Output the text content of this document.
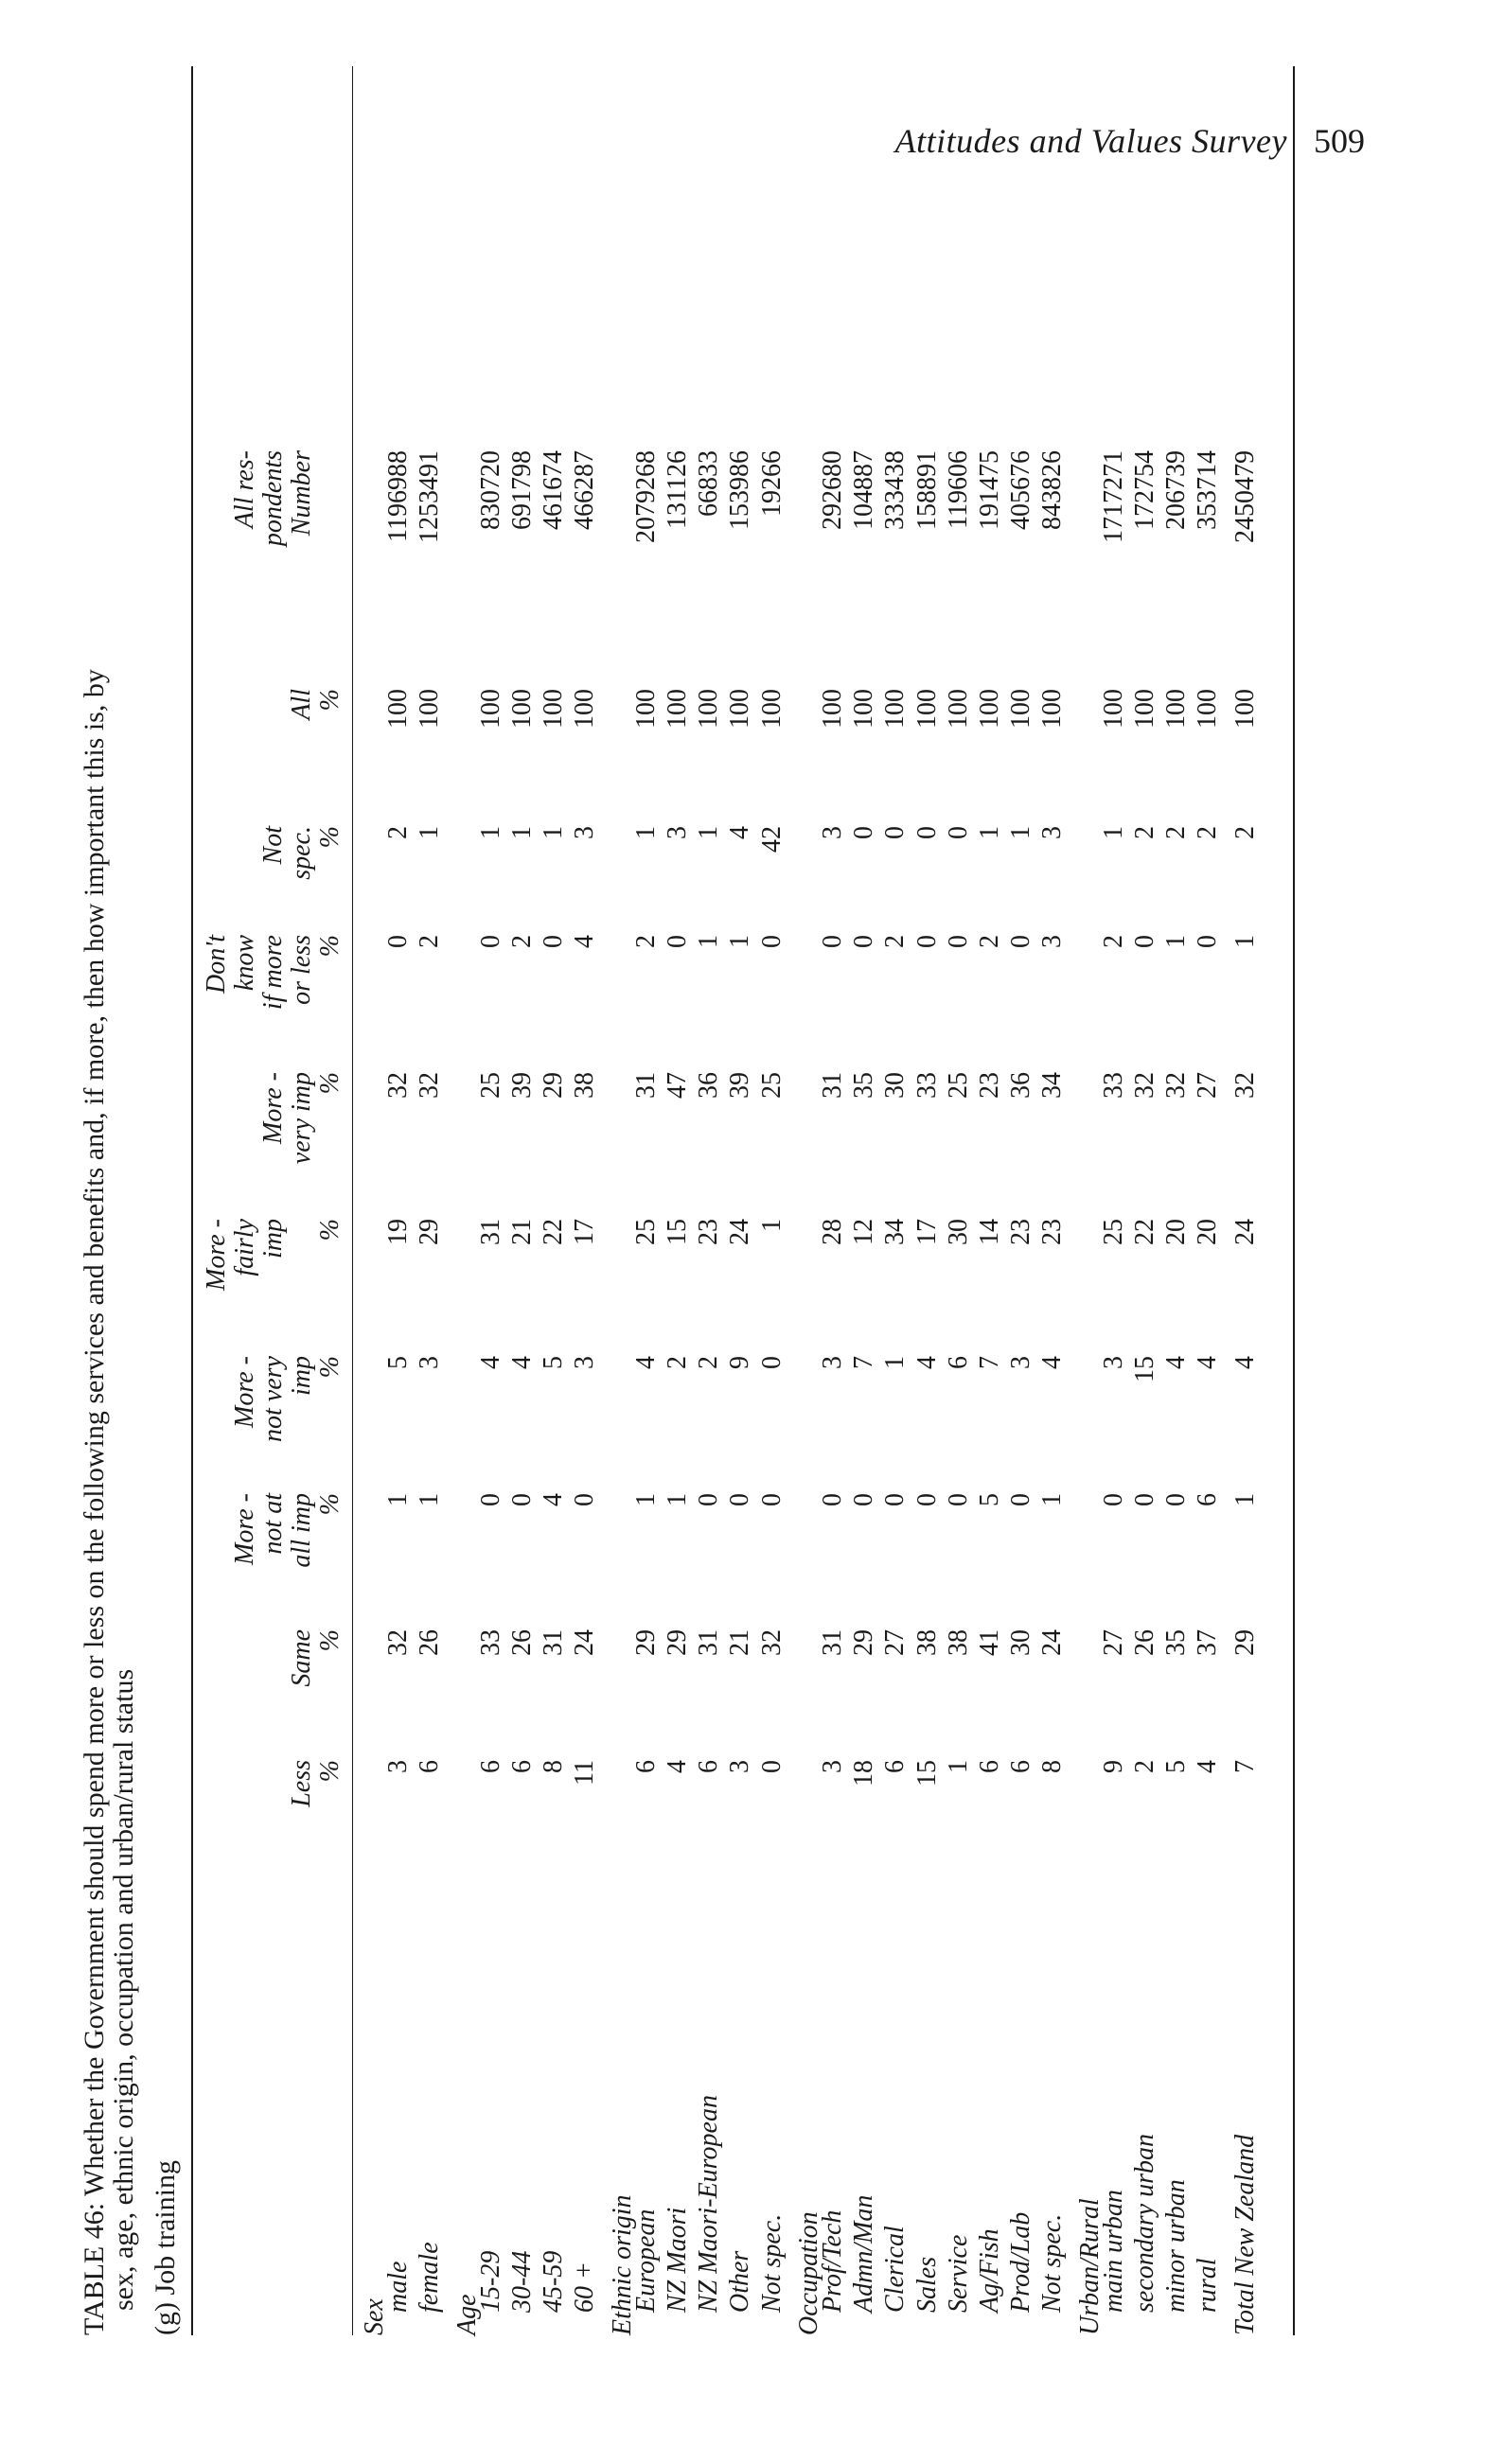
Attitudes and Values Survey 509
TABLE 46: Whether the Government should spend more or less on the following services and benefits and, if more, then how important this is, by
sex, age, ethnic origin, occupation and urban/rural status (g) Job training
Less %
Same %
More - not at all imp %
More - not very imp %
More - fairly imp %
More - very imp %
Don't know if more or less %
Not spec. %
All %
All res- pondents Number
Sex
male
3
32
1
5
19
32
0
2
100
1196988
female
6
26
1
3
29
32
2
1
100
1253491
Age
15-29
6
33
0
4
31
25
0
1
100
830720
30-44
6
26
0
4
21
39
2
1
100
691798
45-59
8
31
4
5
22
29
0
1
100
461674
60 +
11
24
0
3
17
38
4
3
100
466287
Ethnic origin
European
6
29
1
4
25
31
2
1
100
2079268
NZ Maori
4
29
1
2
15
47
0
3
100
131126
NZ Maori-European
6
31
0
2
23
36
1
1
100
66833
Other
3
21
0
9
24
39
1
4
100
153986
Not spec.
0
32
0
0
1
25
0
42
100
19266
Occupation
Prof/Tech
3
31
0
3
28
31
0
3
100
292680
Admn/Man
18
29
0
7
12
35
0
0
100
104887
Clerical
6
27
0
1
34
30
2
0
100
333438
Sales
15
38
0
4
17
33
0
0
100
158891
Service
1
38
0
6
30
25
0
0
100
119606
Ag/Fish
6
41
5
7
14
23
2
1
100
191475
Prod/Lab
6
30
0
3
23
36
0
1
100
405676
Not spec.
8
24
1
4
23
34
3
3
100
843826
Urban/Rural
main urban
9
27
0
3
25
33
2
1
100
1717271
secondary urban
2
26
0
15
22
32
0
2
100
172754
minor urban
5
35
0
4
20
32
1
2
100
206739
rural
4
37
6
4
20
27
0
2
100
353714
Total New Zealand
7
29
1
4
24
32
1
2
100
2450479
